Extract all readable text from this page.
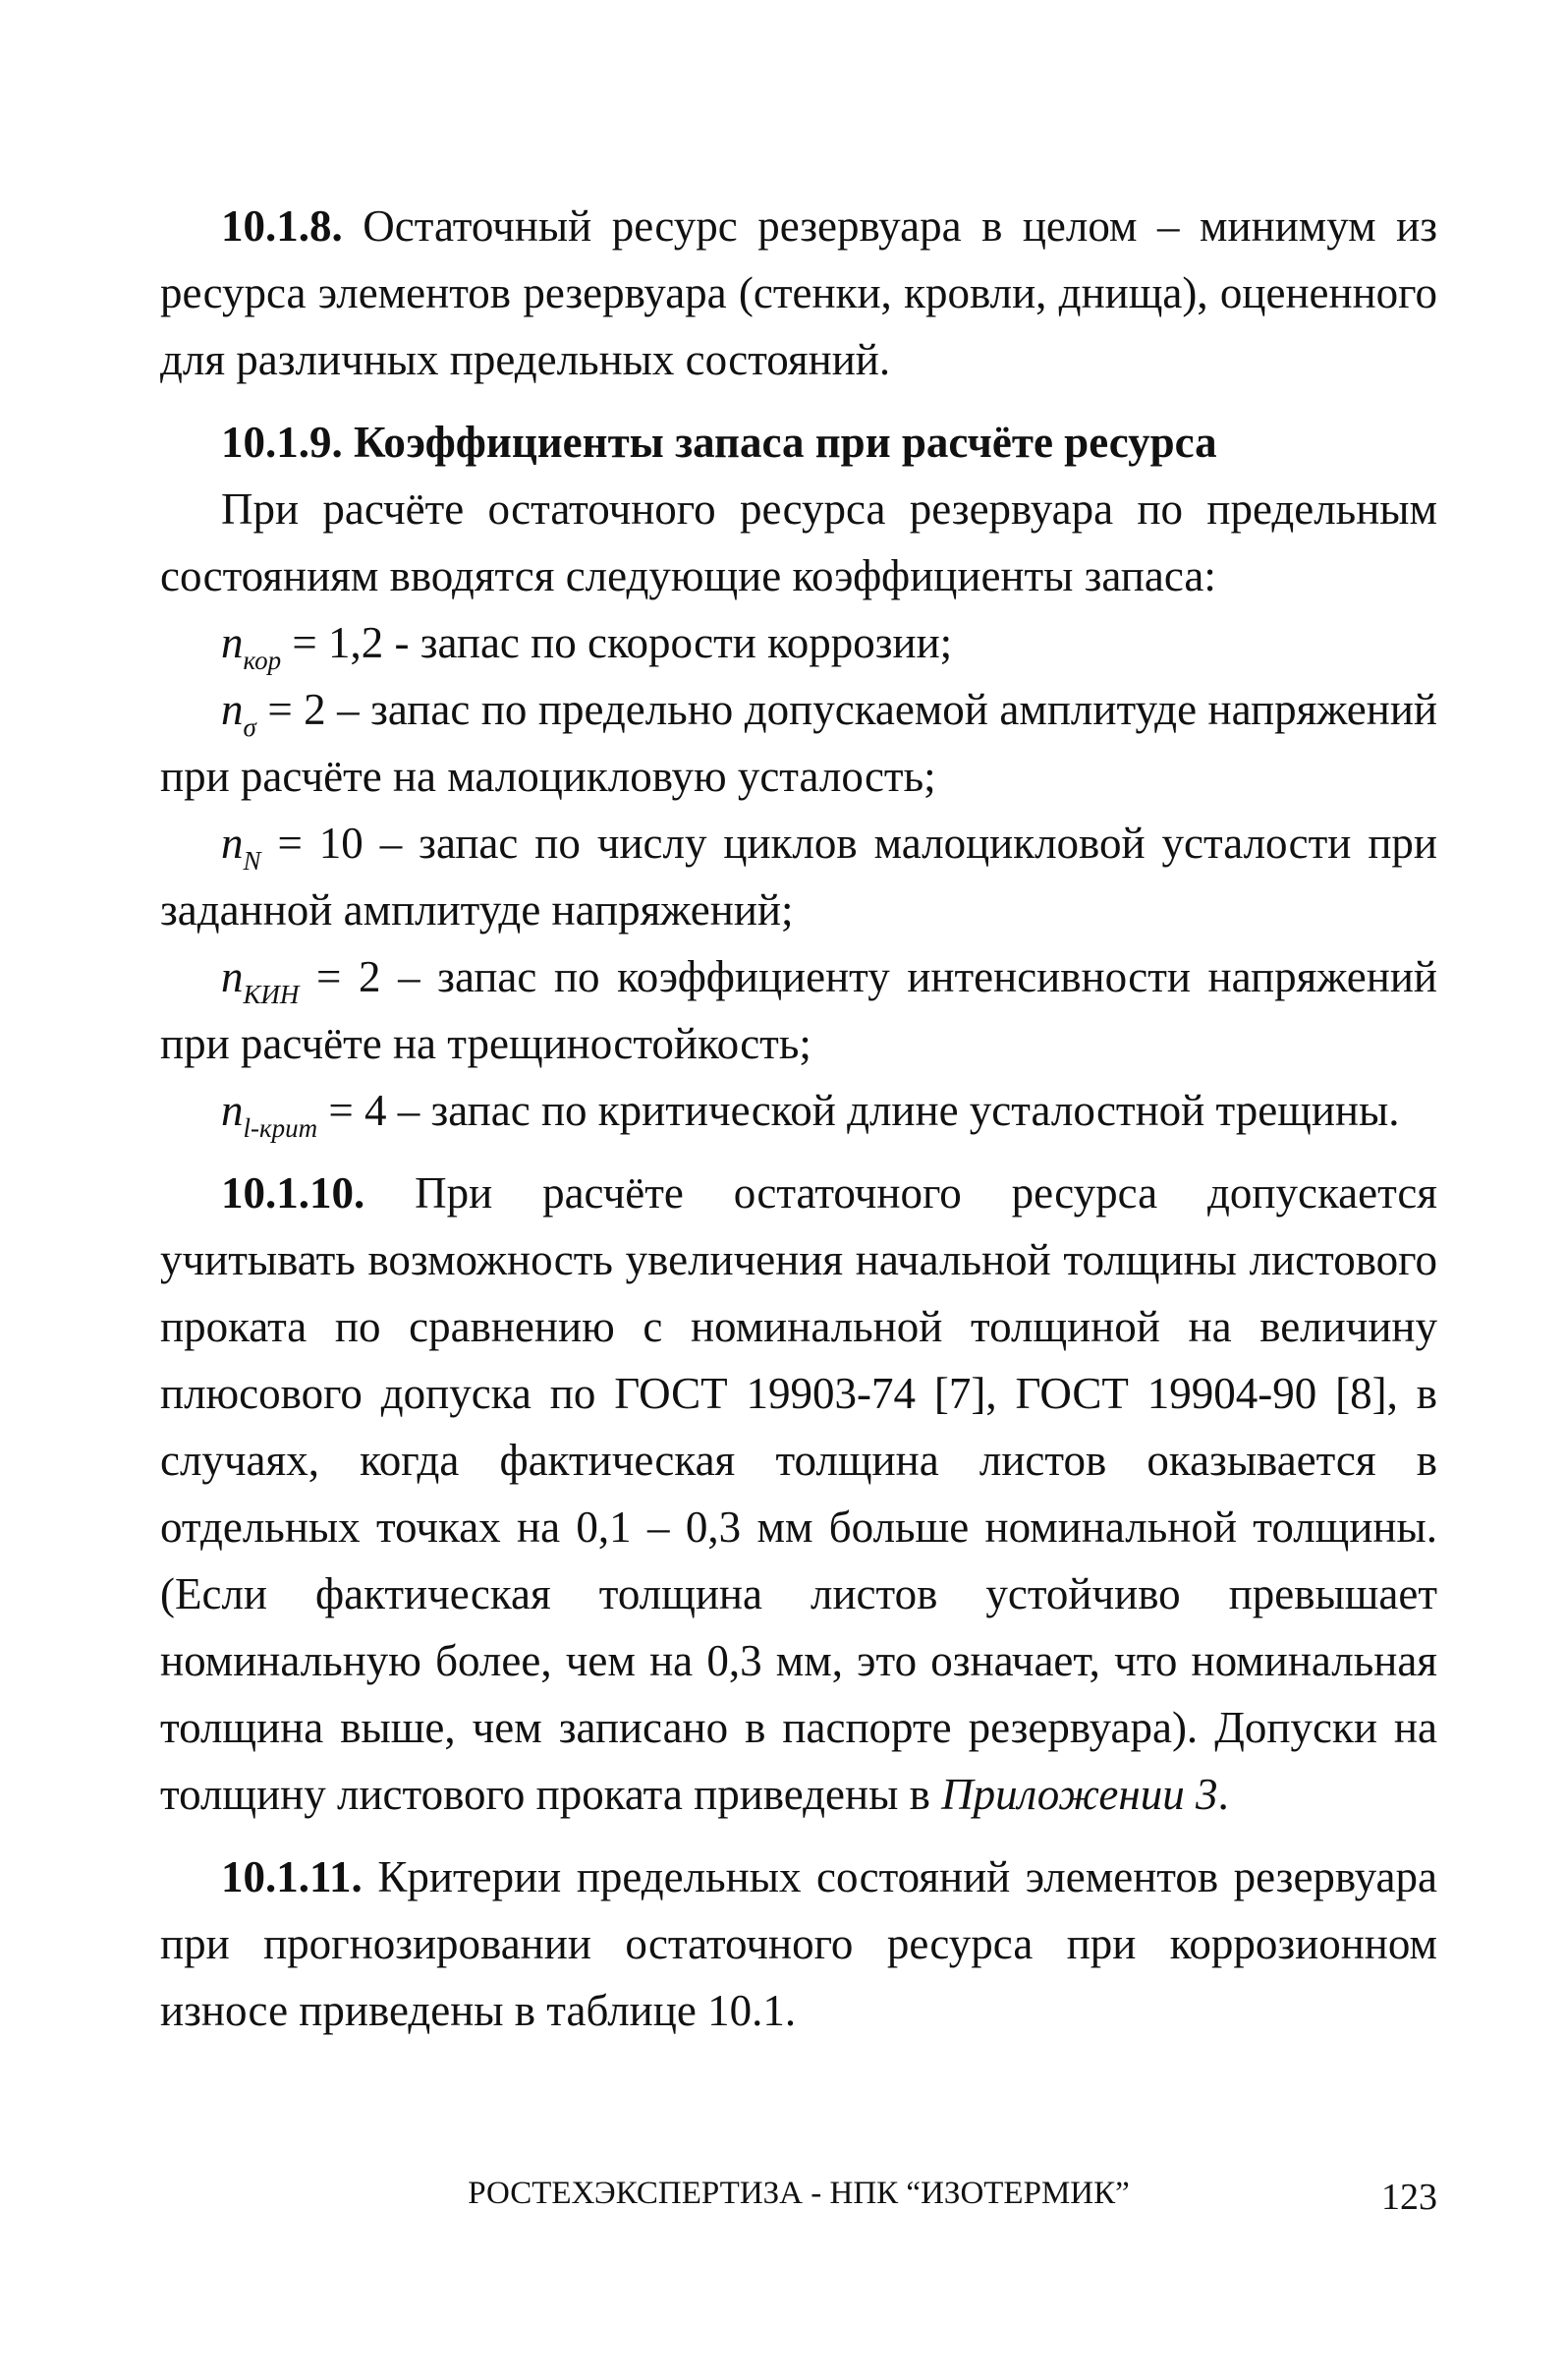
10.1.8. Остаточный ресурс резервуара в целом – минимум из ресурса элементов резервуара (стенки, кровли, днища), оцененного для различных предельных состояний.

10.1.9. Коэффициенты запаса при расчёте ресурса

При расчёте остаточного ресурса резервуара по предельным состояниям вводятся следующие коэффициенты запаса:

$n_{кор} = 1,2$ - запас по скорости коррозии;

$n_\sigma = 2$ – запас по предельно допускаемой амплитуде напряжений при расчёте на малоцикловую усталость;

$n_N = 10$ – запас по числу циклов малоцикловой усталости при заданной амплитуде напряжений;

$n_{КИН} = 2$ – запас по коэффициенту интенсивности напряжений при расчёте на трещиностойкость;

$n_{l-крит} = 4$ – запас по критической длине усталостной трещины.

10.1.10. При расчёте остаточного ресурса допускается учитывать возможность увеличения начальной толщины листового проката по сравнению с номинальной толщиной на величину плюсового допуска по ГОСТ 19903-74 [7], ГОСТ 19904-90 [8], в случаях, когда фактическая толщина листов оказывается в отдельных точках на 0,1 – 0,3 мм больше номинальной толщины. (Если фактическая толщина листов устойчиво превышает номинальную более, чем на 0,3 мм, это означает, что номинальная толщина выше, чем записано в паспорте резервуара). Допуски на толщину листового проката приведены в Приложении 3.

10.1.11. Критерии предельных состояний элементов резервуара при прогнозировании остаточного ресурса при коррозионном износе приведены в таблице 10.1.

РОСТЕХЭКСПЕРТИЗА - НПК “ИЗОТЕРМИК”	123
